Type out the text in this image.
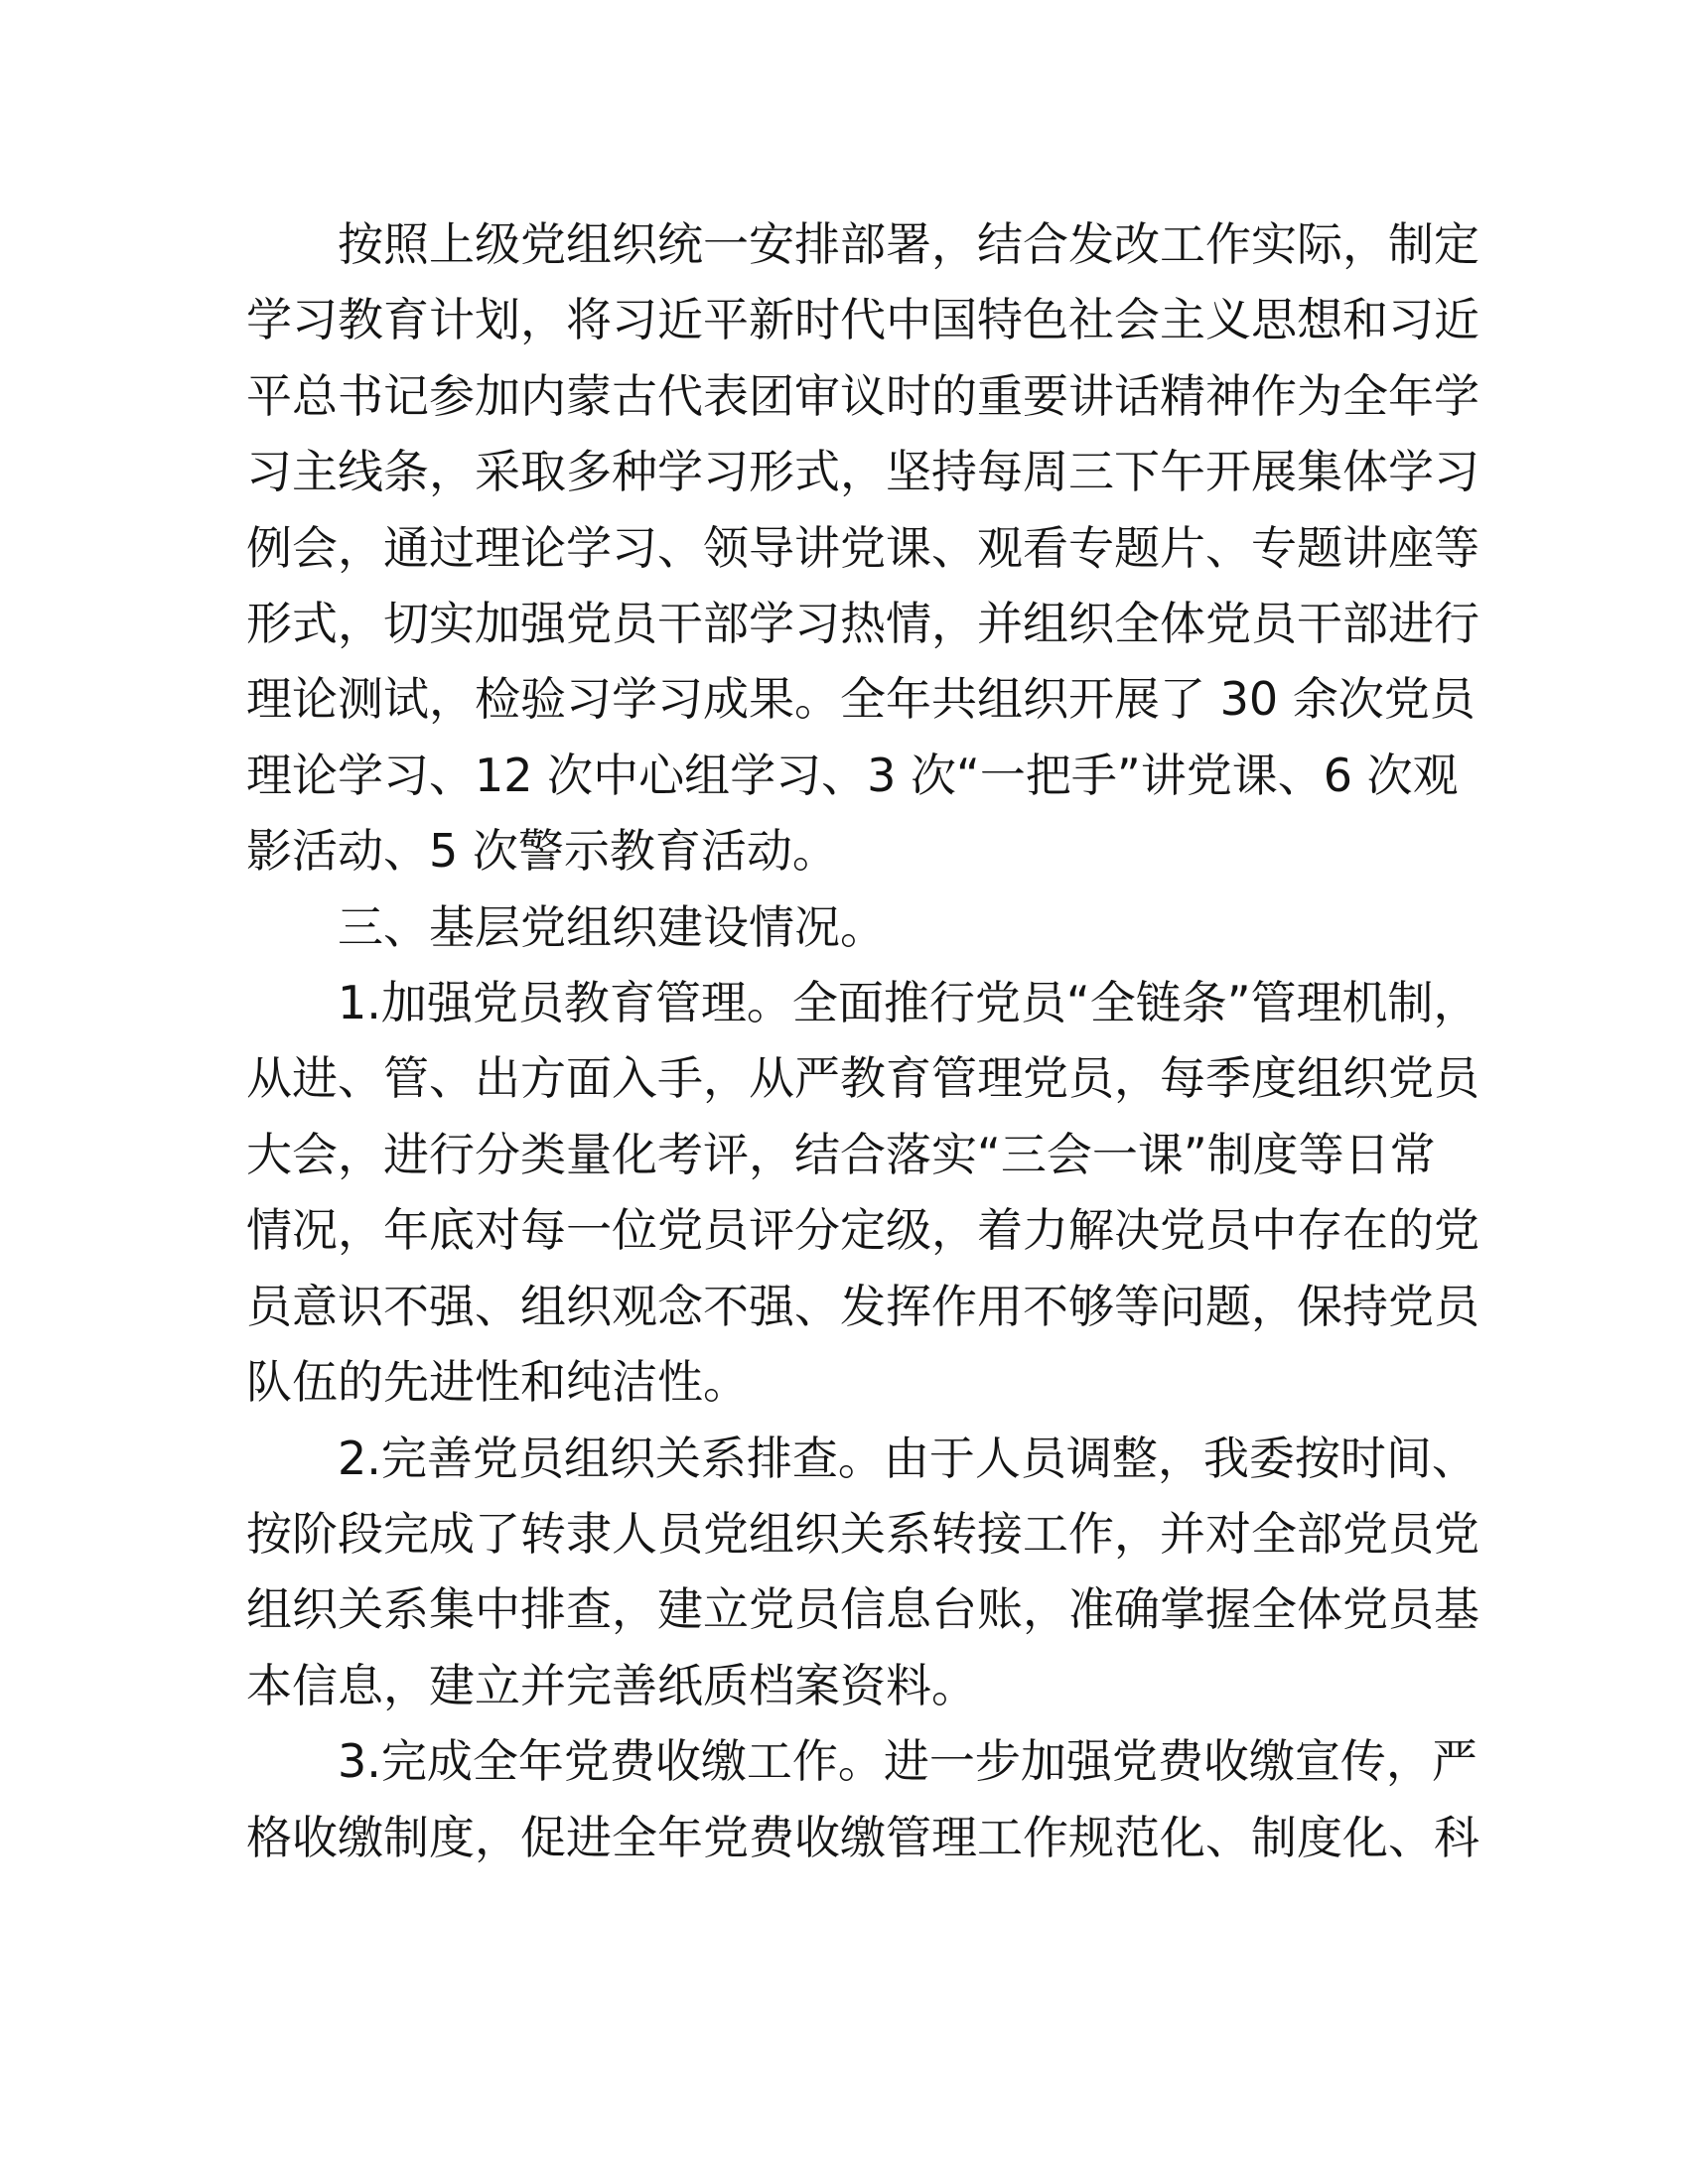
按照上级党组织统一安排部署，结合发改工作实际，制定
学习教育计划，将习近平新时代中国特色社会主义思想和习近
平总书记参加内蒙古代表团审议时的重要讲话精神作为全年学
习主线条，采取多种学习形式，坚持每周三下午开展集体学习
例会，通过理论学习、领导讲党课、观看专题片、专题讲座等
形式，切实加强党员干部学习热情，并组织全体党员干部进行
理论测试，检验习学习成果。全年共组织开展了 30 余次党员
理论学习、12 次中心组学习、3 次“一把手”讲党课、6 次观
影活动、5 次警示教育活动。

三、基层党组织建设情况。

1.加强党员教育管理。全面推行党员“全链条”管理机制，
从进、管、出方面入手，从严教育管理党员，每季度组织党员
大会，进行分类量化考评，结合落实“三会一课”制度等日常
情况，年底对每一位党员评分定级，着力解决党员中存在的党
员意识不强、组织观念不强、发挥作用不够等问题，保持党员
队伍的先进性和纯洁性。

2.完善党员组织关系排查。由于人员调整，我委按时间、
按阶段完成了转隶人员党组织关系转接工作，并对全部党员党
组织关系集中排查，建立党员信息台账，准确掌握全体党员基
本信息，建立并完善纸质档案资料。

3.完成全年党费收缴工作。进一步加强党费收缴宣传，严
格收缴制度，促进全年党费收缴管理工作规范化、制度化、科
